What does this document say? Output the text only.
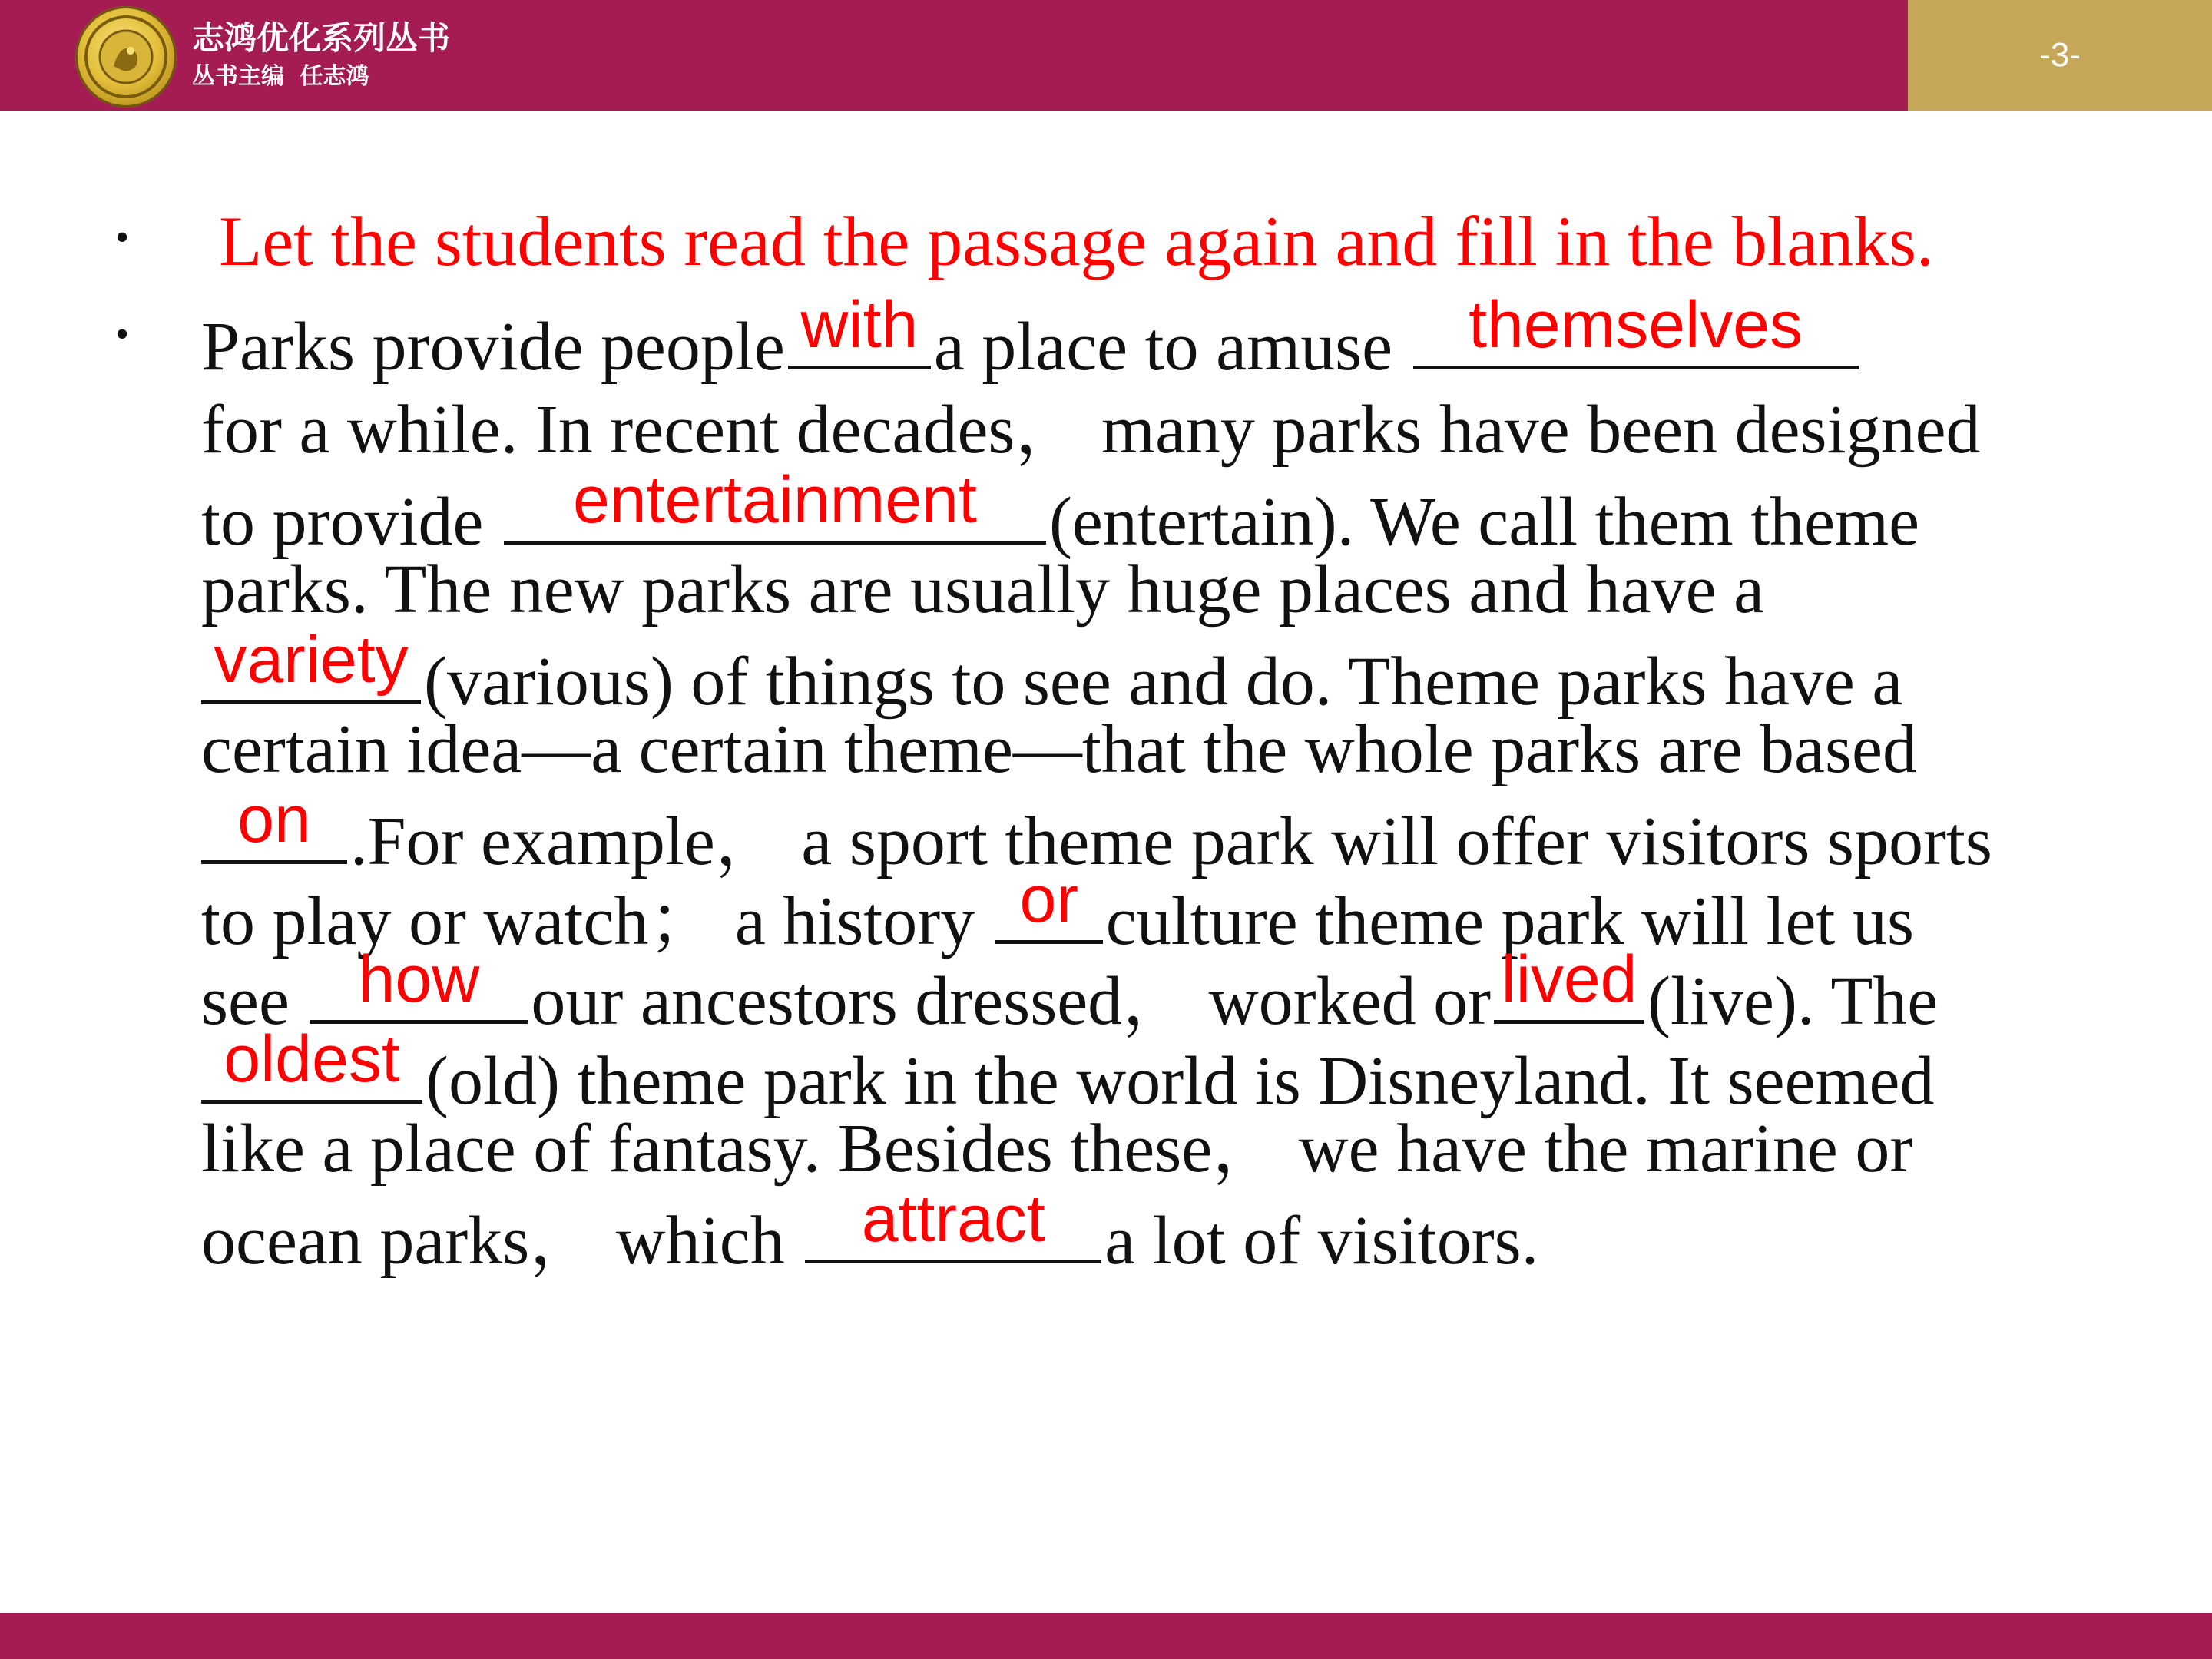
志鸿优化系列丛书
丛书主编 任志鸿
-3-
• Let the students read the passage again and fill in the blanks.
• Parks provide people with a place to amuse	themselves
for a while. In recent decades， many parks have been designed
to provide	entertainment	(entertain). We call them theme
parks. The new parks are usually huge places and have a
variety (various) of things to see and do. Theme parks have a
certain idea—a certain theme—that the whole parks are based
on .For example， a sport theme park will offer visitors sports
to play or watch； a history or culture theme park will let us
see	how our ancestors dressed， worked or lived (live). The
oldest (old) theme park in the world is Disneyland. It seemed
like a place of fantasy. Besides these， we have the marine or
ocean parks， which	attract a lot of visitors.
